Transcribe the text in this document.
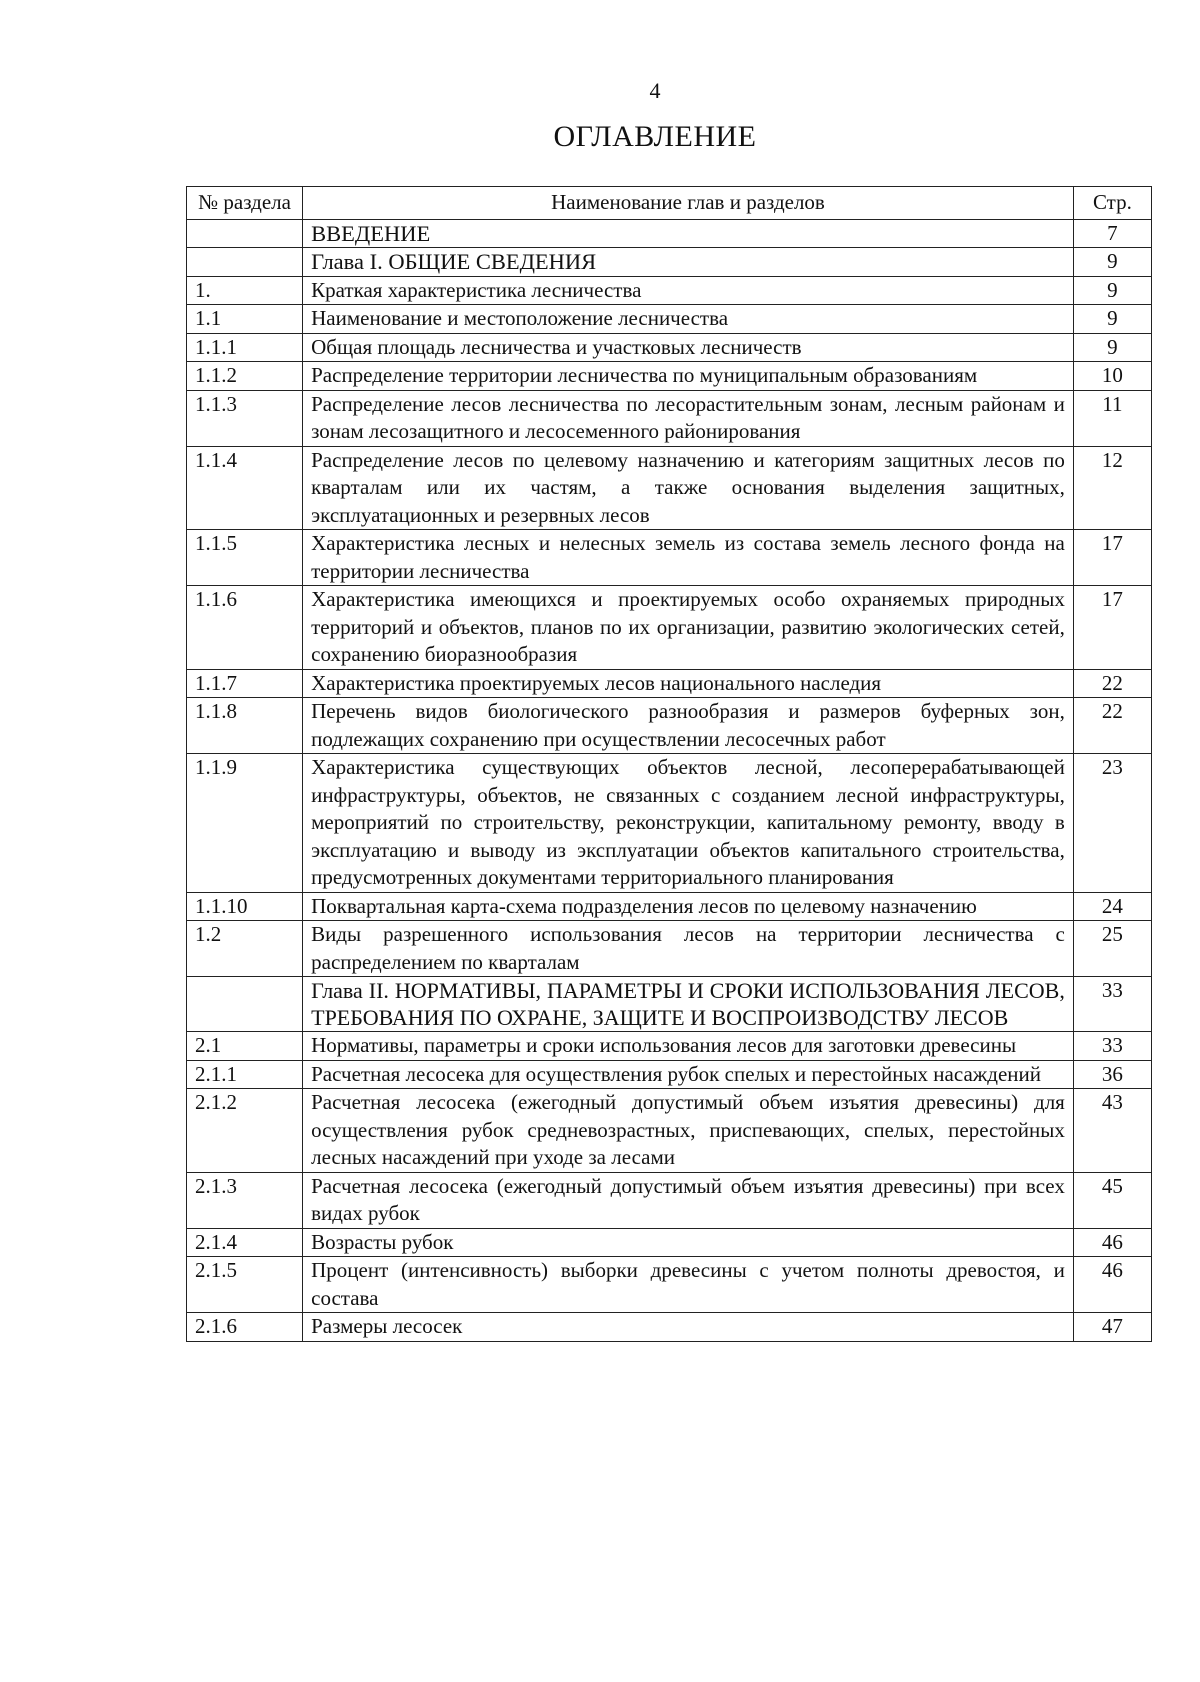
4
ОГЛАВЛЕНИЕ
№ раздела	Наименование глав и разделов	Стр.
	ВВЕДЕНИЕ	7
	Глава I. ОБЩИЕ СВЕДЕНИЯ	9
1.	Краткая характеристика лесничества	9
1.1	Наименование и местоположение лесничества	9
1.1.1	Общая площадь лесничества и участковых лесничеств	9
1.1.2	Распределение территории лесничества по муниципальным образованиям	10
1.1.3	Распределение лесов лесничества по лесорастительным зонам, лесным районам и зонам лесозащитного и лесосеменного районирования	11
1.1.4	Распределение лесов по целевому назначению и категориям защитных лесов по кварталам или их частям, а также основания выделения защитных, эксплуатационных и резервных лесов	12
1.1.5	Характеристика лесных и нелесных земель из состава земель лесного фонда на территории лесничества	17
1.1.6	Характеристика имеющихся и проектируемых особо охраняемых природных территорий и объектов, планов по их организации, развитию экологических сетей, сохранению биоразнообразия	17
1.1.7	Характеристика проектируемых лесов национального наследия	22
1.1.8	Перечень видов биологического разнообразия и размеров буферных зон, подлежащих сохранению при осуществлении лесосечных работ	22
1.1.9	Характеристика существующих объектов лесной, лесоперерабатывающей инфраструктуры, объектов, не связанных с созданием лесной инфраструктуры, мероприятий по строительству, реконструкции, капитальному ремонту, вводу в эксплуатацию и выводу из эксплуатации объектов капитального строительства, предусмотренных документами территориального планирования	23
1.1.10	Поквартальная карта-схема подразделения лесов по целевому назначению	24
1.2	Виды разрешенного использования лесов на территории лесничества с распределением по кварталам	25
	Глава II. НОРМАТИВЫ, ПАРАМЕТРЫ И СРОКИ ИСПОЛЬЗОВАНИЯ ЛЕСОВ, ТРЕБОВАНИЯ ПО ОХРАНЕ, ЗАЩИТЕ И ВОСПРОИЗВОДСТВУ ЛЕСОВ	33
2.1	Нормативы, параметры и сроки использования лесов для заготовки древесины	33
2.1.1	Расчетная лесосека для осуществления рубок спелых и перестойных насаждений	36
2.1.2	Расчетная лесосека (ежегодный допустимый объем изъятия древесины) для осуществления рубок средневозрастных, приспевающих, спелых, перестойных лесных насаждений при уходе за лесами	43
2.1.3	Расчетная лесосека (ежегодный допустимый объем изъятия древесины) при всех видах рубок	45
2.1.4	Возрасты рубок	46
2.1.5	Процент (интенсивность) выборки древесины с учетом полноты древостоя, и состава	46
2.1.6	Размеры лесосек	47
